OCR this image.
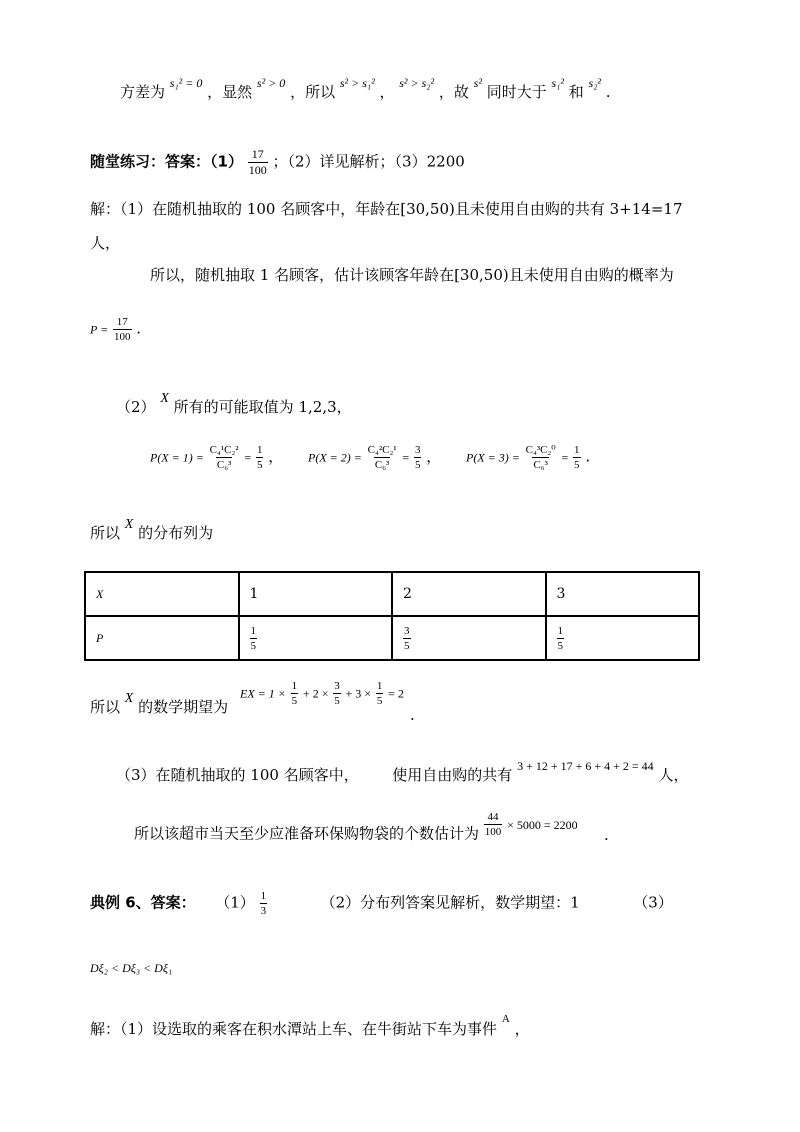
方差为 $^{s_1^2 = 0}$ ，显然 $^{s^2 > 0}$ ，所以 $^{s^2 > s_1^2}$ ， $^{s^2 > s_2^2}$ ，故 $^{s^2}$ 同时大于 $^{s_1^2}$ 和 $^{s_2^2}$ .
随堂练习：答案：$(1) \frac{17}{100}$ ；（2）详见解析；（3）2200
解：（1）在随机抽取的 100 名顾客中，年龄在[30,50)且未使用自由购的共有 3+14=17
人，
所以，随机抽取 1 名顾客，估计该顾客年龄在[30,50)且未使用自由购的概率为
$P = \frac{17}{100}$ .
（2） X 所有的可能取值为 1,2,3，
$P(X = 1) = \frac{\text{C₄¹C₂²}}{\text{C₆³}} = \frac{1}{5}$ ， $P(X = 2) = \frac{\text{C₄²C₂¹}}{\text{C₆³}} = \frac{3}{5}$ ， $P(X = 3) = \frac{\text{C₄³C₂⁰}}{\text{C₆³}} = \frac{1}{5}$ .
所以 X 的分布列为
X	1	2	3
P	$\frac{1}{5}$	$\frac{3}{5}$	$\frac{1}{5}$
所以 X 的数学期望为
EX = $1 \times \frac{1}{5} + 2 \times \frac{3}{5} + 3 \times \frac{1}{5} = 2$
.
（3）在随机抽取的 100 名顾客中， 使用自由购的共有 $^{3 + 12 + 17 + 6 + 4 + 2 = 44}$ 人，
所以该超市当天至少应准备环保购物袋的个数估计为 $\frac{44}{100} ^{\times 5000 = 2200}$
.
典例 6、答案： $(1) \frac{1}{3}$	（2）分布列答案见解析，数学期望：1	（3）
Dξ₂ < Dξ₃ < Dξ₁
解：（1）设选取的乘客在积水潭站上车、在牛街站下车为事件 $^A$ ，
